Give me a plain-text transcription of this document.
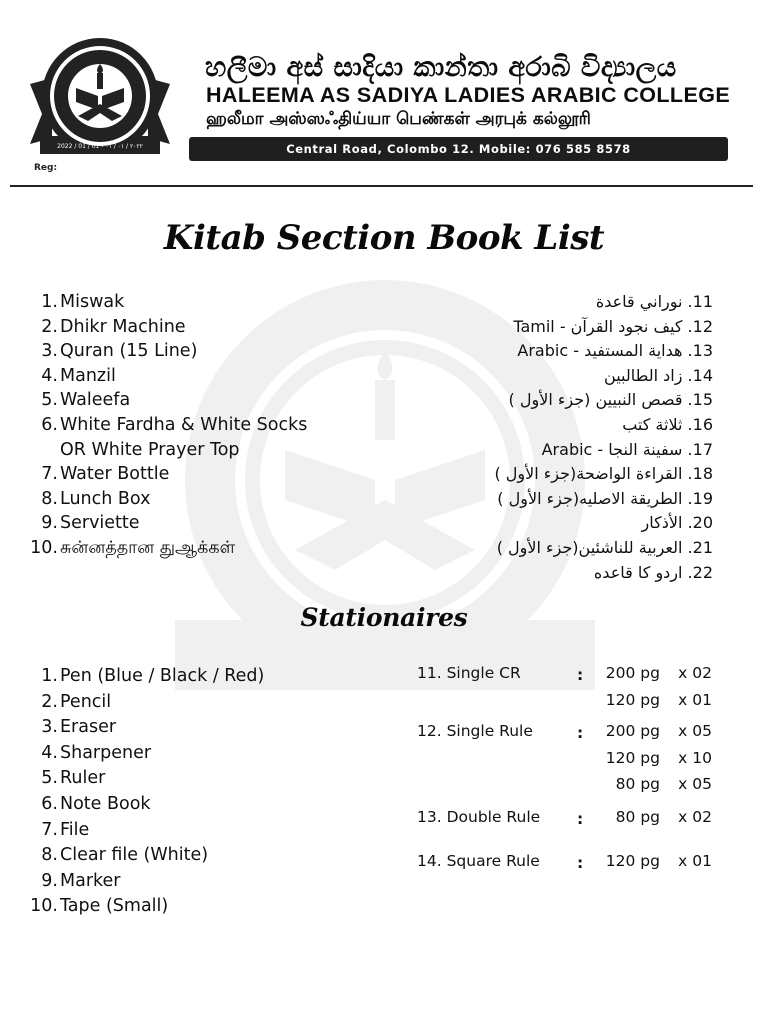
2022 / 01 / 01 - ٢٠٢٢ / ٠١ / ٠١
Reg:
හලීමා අස් සාදියා කාන්තා අරාබි විද්‍යාලය
HALEEMA AS SADIYA LADIES ARABIC COLLEGE
ஹலீமா அஸ்ஸஃதிய்யா பெண்கள் அரபுக் கல்லூரி
Central Road, Colombo 12. Mobile: 076 585 8578
Kitab Section Book List
1. Miswak
2. Dhikr Machine
3. Quran (15 Line)
4. Manzil
5. Waleefa
6. White Fardha & White Socks
OR White Prayer Top
7. Water Bottle
8. Lunch Box
9. Serviette
10. சுன்னத்தான துஆக்கள்
11. نوراني قاعدة
12. كيف نجود القرآن - Tamil
13. هداية المستفيد - Arabic
14. زاد الطالبين
15. قصص النبيين (جزء الأول )
16. ثلاثة كتب
17. سفينة النجا - Arabic
18. القراءة الواضحة(جزء الأول )
19. الطريقة الاصليه(جزء الأول )
20. الأذكار
21. العربية للناشئين(جزء الأول )
22. اردو كا قاعده
Stationaires
1. Pen (Blue / Black / Red)
2. Pencil
3. Eraser
4. Sharpener
5. Ruler
6. Note Book
7. File
8. Clear file (White)
9. Marker
10. Tape (Small)
11. Single CR	: 200 pg x 02
120 pg x 01
12. Single Rule	: 200 pg x 05
120 pg x 10
80 pg x 05
13. Double Rule : 80 pg x 02
14. Square Rule : 120 pg x 01
